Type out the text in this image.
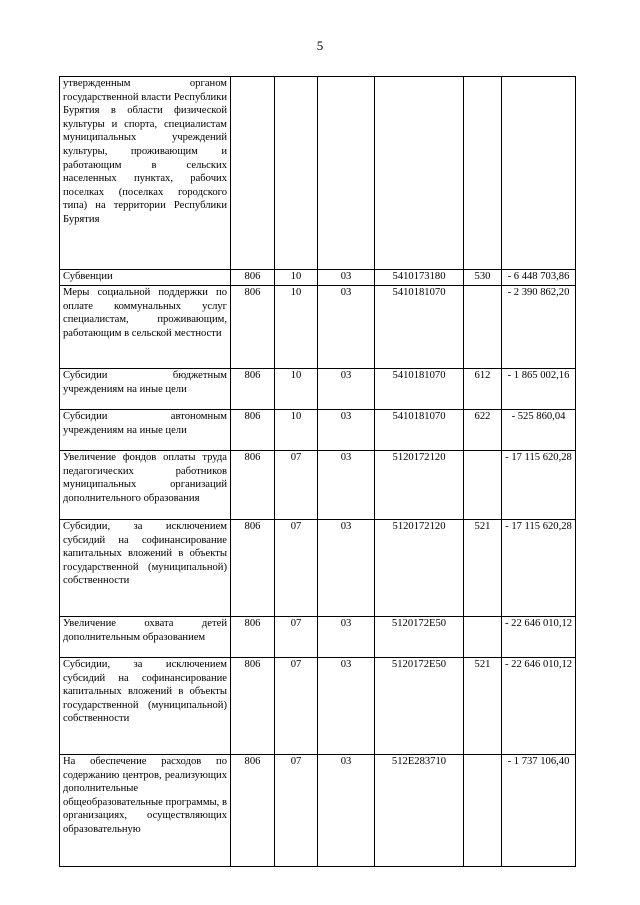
5
утвержденным органом государственной власти Республики Бурятия в области физической культуры и спорта, специалистам муниципальных учреждений культуры, проживающим и работающим в сельских населенных пунктах, рабочих поселках (поселках городского типа) на территории Республики Бурятия						
Субвенции	806	10	03	5410173180	530	- 6 448 703,86
Меры социальной поддержки по оплате коммунальных услуг специалистам, проживающим, работающим в сельской местности	806	10	03	5410181070		- 2 390 862,20
Субсидии бюджетным учреждениям на иные цели	806	10	03	5410181070	612	- 1 865 002,16
Субсидии автономным учреждениям на иные цели	806	10	03	5410181070	622	- 525 860,04
Увеличение фондов оплаты труда педагогических работников муниципальных организаций дополнительного образования	806	07	03	5120172120		- 17 115 620,28
Субсидии, за исключением субсидий на софинансирование капитальных вложений в объекты государственной (муниципальной) собственности	806	07	03	5120172120	521	- 17 115 620,28
Увеличение охвата детей дополнительным образованием	806	07	03	5120172E50		- 22 646 010,12
Субсидии, за исключением субсидий на софинансирование капитальных вложений в объекты государственной (муниципальной) собственности	806	07	03	5120172E50	521	- 22 646 010,12
На обеспечение расходов по содержанию центров, реализующих дополнительные общеобразовательные программы, в организациях, осуществляющих образовательную	806	07	03	512E283710		- 1 737 106,40
